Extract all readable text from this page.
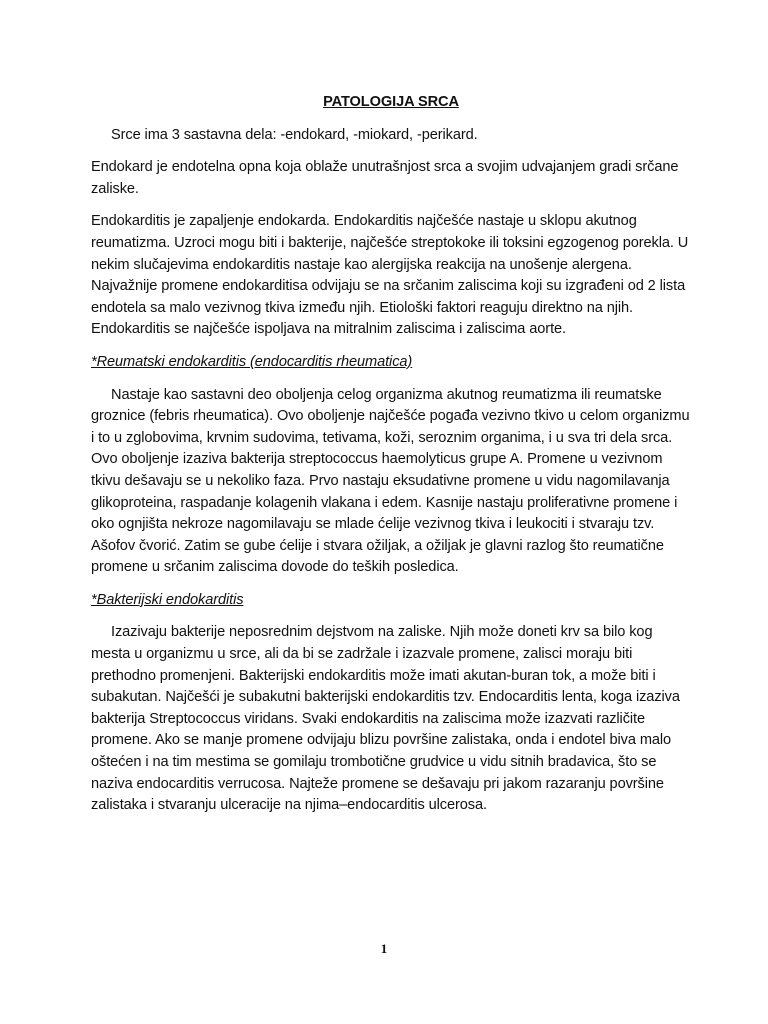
PATOLOGIJA SRCA

Srce ima 3 sastavna dela: -endokard, -miokard, -perikard.

Endokard je endotelna opna koja oblaže unutrašnjost srca a svojim udvajanjem gradi srčane zaliske.

Endokarditis je zapaljenje endokarda. Endokarditis najčešće nastaje u sklopu akutnog reumatizma. Uzroci mogu biti i bakterije, najčešće streptokoke ili toksini egzogenog porekla. U nekim slučajevima endokarditis nastaje kao alergijska reakcija na unošenje alergena. Najvažnije promene endokarditisa odvijaju se na srčanim zaliscima koji su izgrađeni od 2 lista endotela sa malo vezivnog tkiva između njih. Etiološki faktori reaguju direktno na njih. Endokarditis se najčešće ispoljava na mitralnim zaliscima i zaliscima aorte.

*Reumatski endokarditis (endocarditis rheumatica)

Nastaje kao sastavni deo oboljenja celog organizma akutnog reumatizma ili reumatske groznice (febris rheumatica). Ovo oboljenje najčešće pogađa vezivno tkivo u celom organizmu i to u zglobovima, krvnim sudovima, tetivama, koži, seroznim organima, i u sva tri dela srca. Ovo oboljenje izaziva bakterija streptococcus haemolyticus grupe A. Promene u vezivnom tkivu dešavaju se u nekoliko faza. Prvo nastaju eksudativne promene u vidu nagomilavanja glikoproteina, raspadanje kolagenih vlakana i edem. Kasnije nastaju proliferativne promene i oko ognjišta nekroze nagomilavaju se mlade ćelije vezivnog tkiva i leukociti i stvaraju tzv. Ašofov čvorić. Zatim se gube ćelije i stvara ožiljak, a ožiljak je glavni razlog što reumatične promene u srčanim zaliscima dovode do teških posledica.

*Bakterijski endokarditis

Izazivaju bakterije neposrednim dejstvom na zaliske. Njih može doneti krv sa bilo kog mesta u organizmu u srce, ali da bi se zadržale i izazvale promene, zalisci moraju biti prethodno promenjeni. Bakterijski endokarditis može imati akutan-buran tok, a može biti i subakutan. Najčešći je subakutni bakterijski endokarditis tzv. Endocarditis lenta, koga izaziva bakterija Streptococcus viridans. Svaki endokarditis na zaliscima može izazvati različite promene. Ako se manje promene odvijaju blizu površine zalistaka, onda i endotel biva malo oštećen i na tim mestima se gomilaju trombotične grudvice u vidu sitnih bradavica, što se naziva endocarditis verrucosa. Najteže promene se dešavaju pri jakom razaranju površine zalistaka i stvaranju ulceracije na njima–endocarditis ulcerosa.

1
